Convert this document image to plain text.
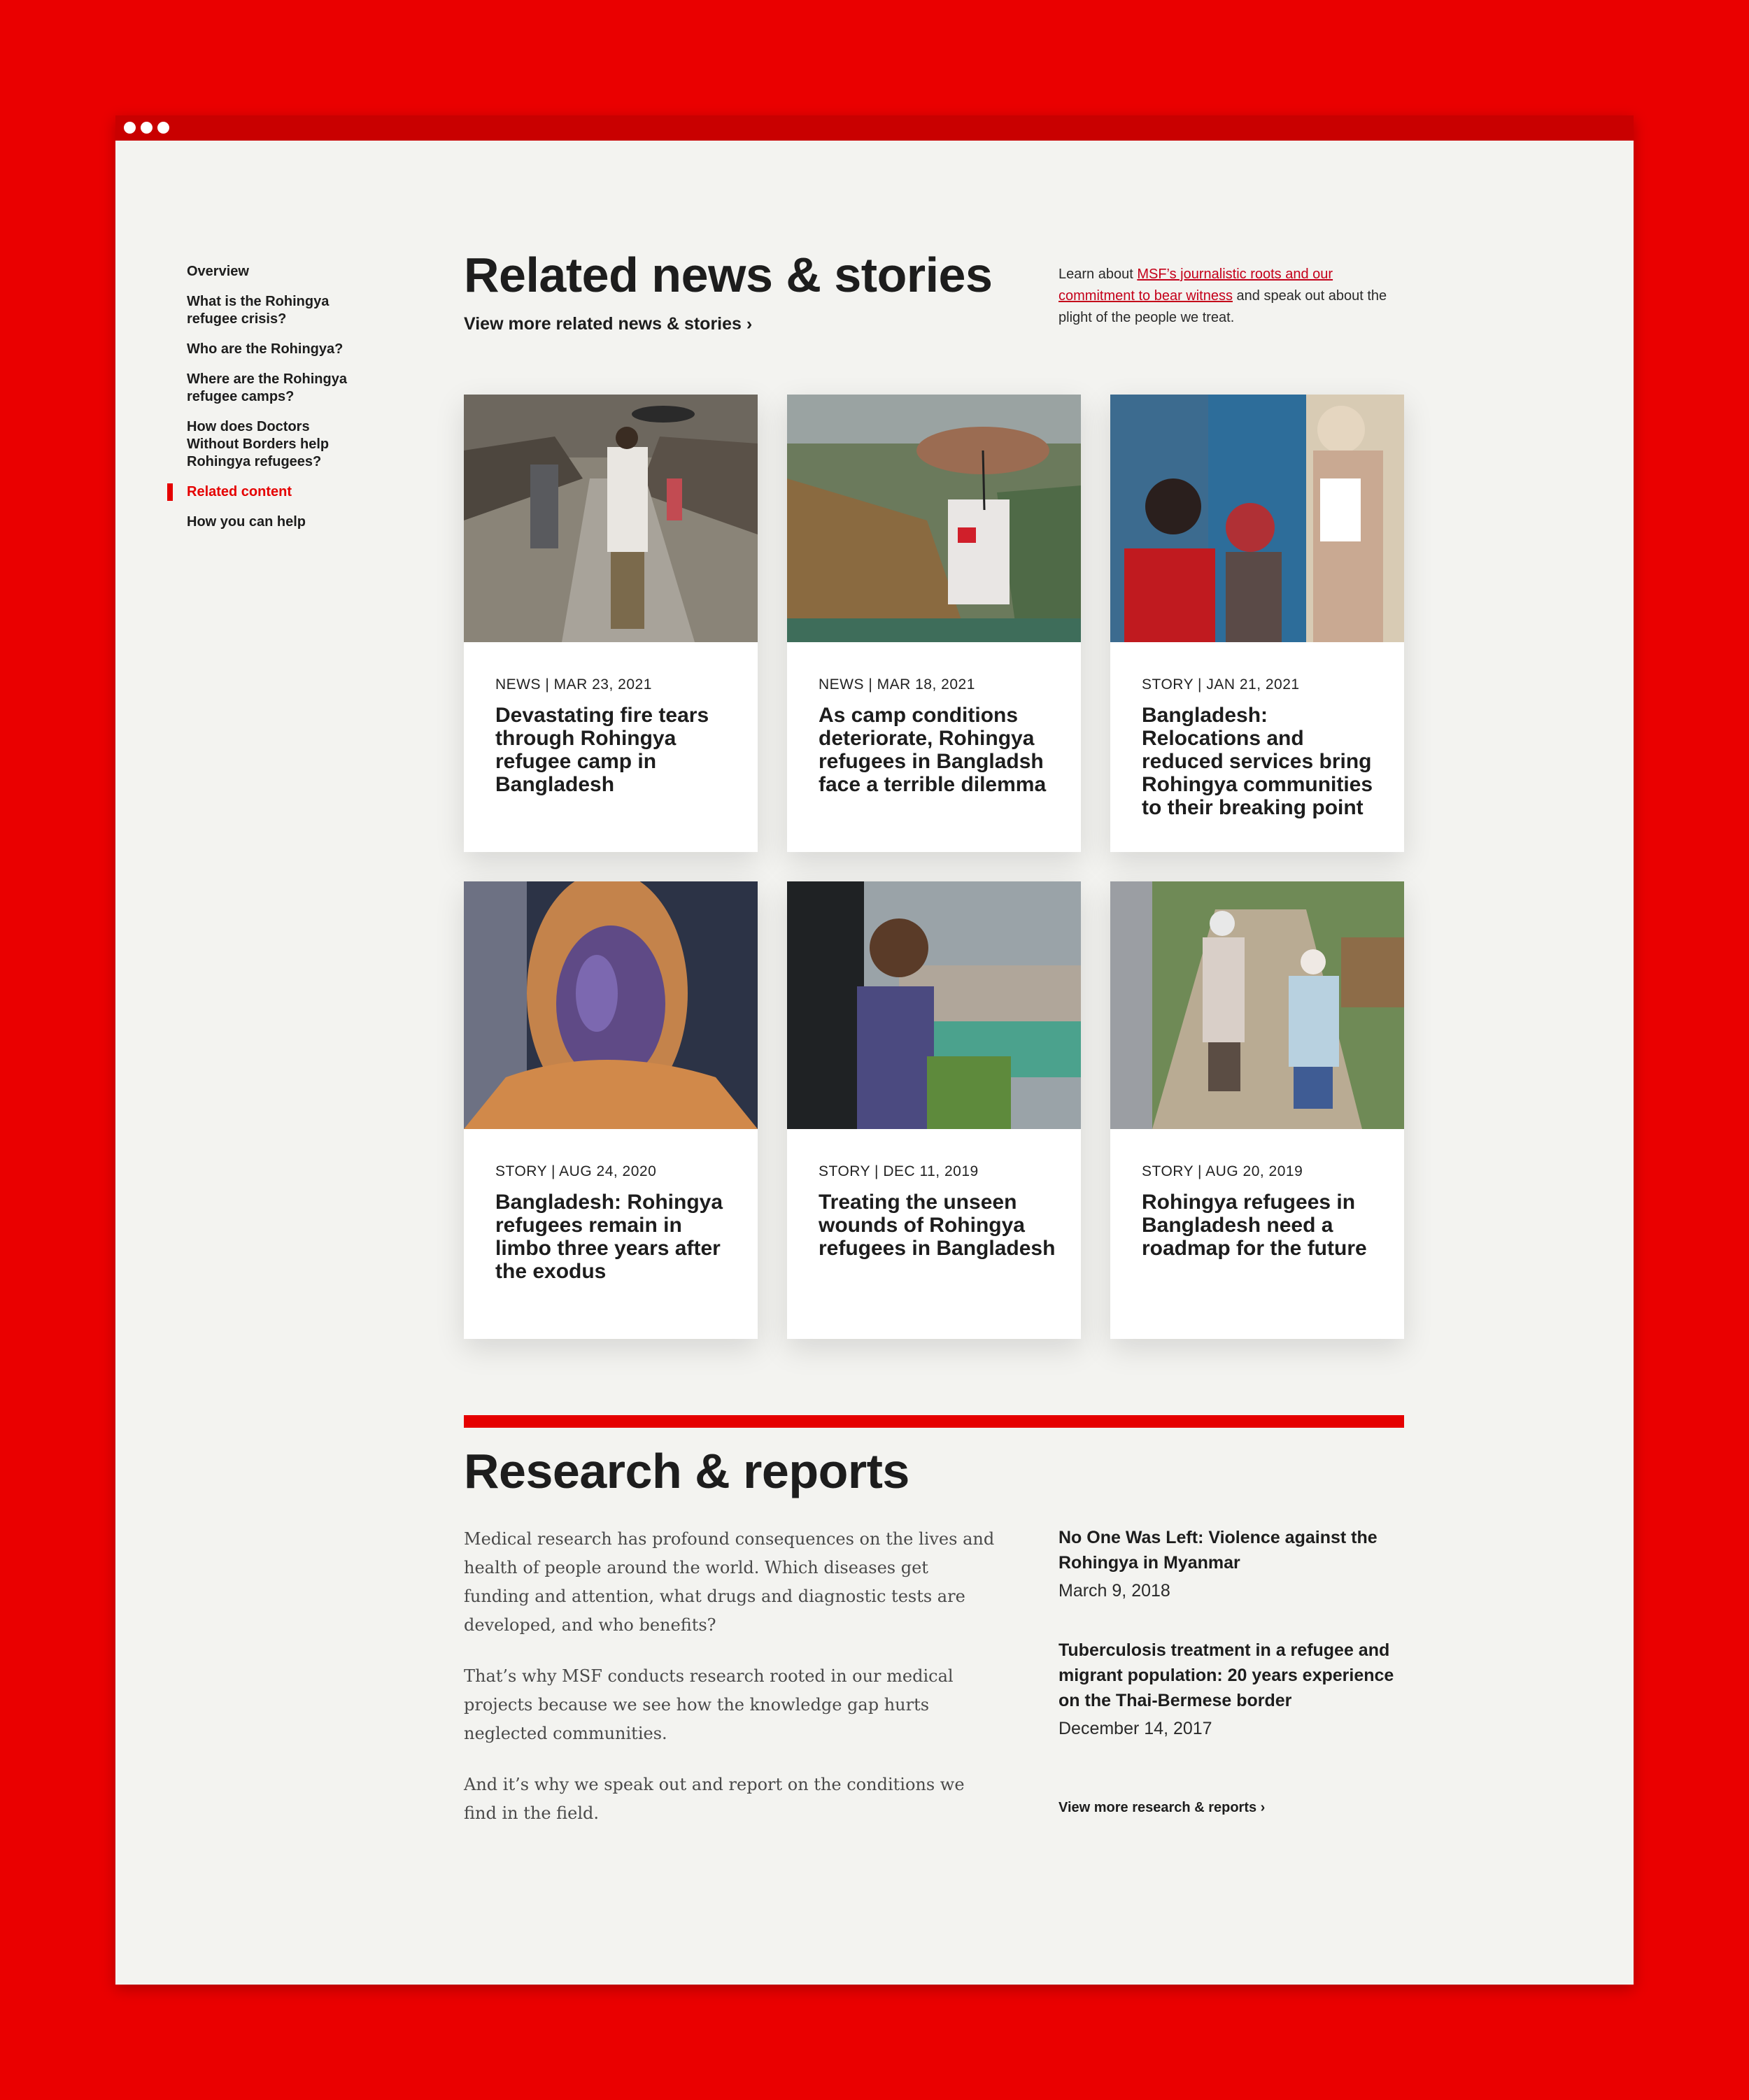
Overview
What is the Rohingya refugee crisis?
Who are the Rohingya?
Where are the Rohingya refugee camps?
How does Doctors Without Borders help Rohingya refugees?
Related content
How you can help
Related news & stories
View more related news & stories ›

Learn about MSF’s journalistic roots and our commitment to bear witness and speak out about the plight of the people we treat.

NEWS | MAR 23, 2021
Devastating fire tears through Rohingya refugee camp in Bangladesh
NEWS | MAR 18, 2021
As camp conditions deteriorate, Rohingya refugees in Bangladsh face a terrible dilemma
STORY | JAN 21, 2021
Bangladesh: Relocations and reduced services bring Rohingya communities to their breaking point
STORY | AUG 24, 2020
Bangladesh: Rohingya refugees remain in limbo three years after the exodus
STORY | DEC 11, 2019
Treating the unseen wounds of Rohingya refugees in Bangladesh
STORY | AUG 20, 2019
Rohingya refugees in Bangladesh need a roadmap for the future
Research & reports

Medical research has profound consequences on the lives and health of people around the world. Which diseases get funding and attention, what drugs and diagnostic tests are developed, and who benefits?

That’s why MSF conducts research rooted in our medical projects because we see how the knowledge gap hurts neglected communities.

And it’s why we speak out and report on the conditions we find in the field.

No One Was Left: Violence against the Rohingya in Myanmar
March 9, 2018
Tuberculosis treatment in a refugee and migrant population: 20 years experience on the Thai-Bermese border
December 14, 2017
View more research & reports ›
